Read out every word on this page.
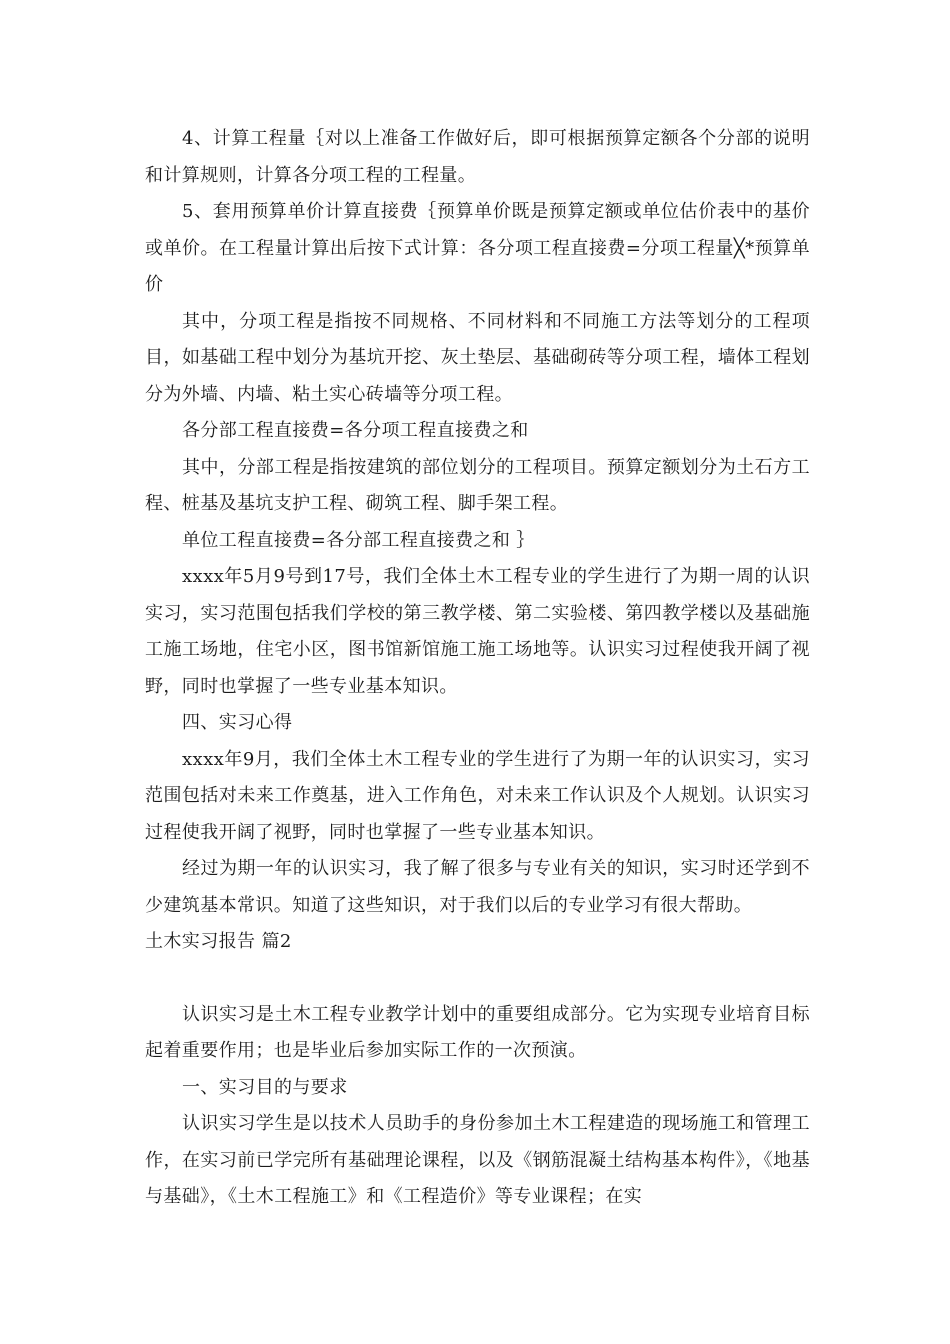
4、计算工程量｛对以上准备工作做好后，即可根据预算定额各个分部的说明和计算规则，计算各分项工程的工程量。

5、套用预算单价计算直接费｛预算单价既是预算定额或单位估价表中的基价或单价。在工程量计算出后按下式计算：各分项工程直接费=分项工程量╳*预算单价

其中，分项工程是指按不同规格、不同材料和不同施工方法等划分的工程项目，如基础工程中划分为基坑开挖、灰土垫层、基础砌砖等分项工程，墙体工程划分为外墙、内墙、粘土实心砖墙等分项工程。

各分部工程直接费=各分项工程直接费之和

其中，分部工程是指按建筑的部位划分的工程项目。预算定额划分为土石方工程、桩基及基坑支护工程、砌筑工程、脚手架工程。

单位工程直接费=各分部工程直接费之和 ｝

xxxx年5月9号到17号，我们全体土木工程专业的学生进行了为期一周的认识实习，实习范围包括我们学校的第三教学楼、第二实验楼、第四教学楼以及基础施工施工场地，住宅小区，图书馆新馆施工施工场地等。认识实习过程使我开阔了视野，同时也掌握了一些专业基本知识。

四、实习心得

xxxx年9月，我们全体土木工程专业的学生进行了为期一年的认识实习，实习范围包括对未来工作奠基，进入工作角色，对未来工作认识及个人规划。认识实习过程使我开阔了视野，同时也掌握了一些专业基本知识。

经过为期一年的认识实习，我了解了很多与专业有关的知识，实习时还学到不少建筑基本常识。知道了这些知识，对于我们以后的专业学习有很大帮助。

土木实习报告 篇2

认识实习是土木工程专业教学计划中的重要组成部分。它为实现专业培育目标起着重要作用；也是毕业后参加实际工作的一次预演。

一、实习目的与要求

认识实习学生是以技术人员助手的身份参加土木工程建造的现场施工和管理工作，在实习前已学完所有基础理论课程，以及《钢筋混凝土结构基本构件》，《地基与基础》，《土木工程施工》和《工程造价》等专业课程；在实
